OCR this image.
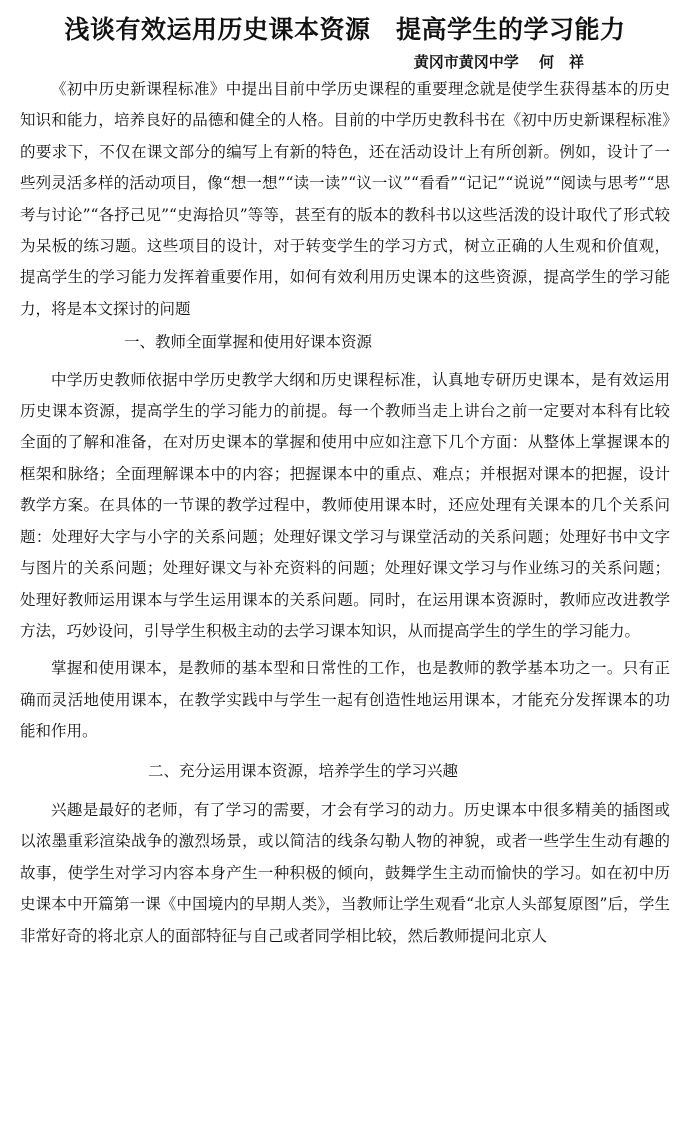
浅谈有效运用历史课本资源　提高学生的学习能力

黄冈市黄冈中学　 何　祥

《初中历史新课程标准》中提出目前中学历史课程的重要理念就是使学生获得基本的历史知识和能力，培养良好的品德和健全的人格。目前的中学历史教科书在《初中历史新课程标准》的要求下，不仅在课文部分的编写上有新的特色，还在活动设计上有所创新。例如，设计了一些列灵活多样的活动项目，像“想一想”“读一读”“议一议”“看看”“记记”“说说”“阅读与思考”“思考与讨论”“各抒己见”“史海拾贝”等等，甚至有的版本的教科书以这些活泼的设计取代了形式较为呆板的练习题。这些项目的设计，对于转变学生的学习方式，树立正确的人生观和价值观，提高学生的学习能力发挥着重要作用，如何有效利用历史课本的这些资源，提高学生的学习能力，将是本文探讨的问题

一、教师全面掌握和使用好课本资源

中学历史教师依据中学历史教学大纲和历史课程标准，认真地专研历史课本，是有效运用历史课本资源，提高学生的学习能力的前提。每一个教师当走上讲台之前一定要对本科有比较全面的了解和准备，在对历史课本的掌握和使用中应如注意下几个方面：从整体上掌握课本的框架和脉络；全面理解课本中的内容；把握课本中的重点、难点；并根据对课本的把握，设计教学方案。在具体的一节课的教学过程中，教师使用课本时，还应处理有关课本的几个关系问题：处理好大字与小字的关系问题；处理好课文学习与课堂活动的关系问题；处理好书中文字与图片的关系问题；处理好课文与补充资料的问题；处理好课文学习与作业练习的关系问题；处理好教师运用课本与学生运用课本的关系问题。同时，在运用课本资源时，教师应改进教学方法，巧妙设问，引导学生积极主动的去学习课本知识，从而提高学生的学生的学习能力。

掌握和使用课本，是教师的基本型和日常性的工作，也是教师的教学基本功之一。只有正确而灵活地使用课本，在教学实践中与学生一起有创造性地运用课本，才能充分发挥课本的功能和作用。

二、充分运用课本资源，培养学生的学习兴趣

兴趣是最好的老师，有了学习的需要，才会有学习的动力。历史课本中很多精美的插图或以浓墨重彩渲染战争的激烈场景，或以简洁的线条勾勒人物的神貌，或者一些学生生动有趣的故事，使学生对学习内容本身产生一种积极的倾向，鼓舞学生主动而愉快的学习。如在初中历史课本中开篇第一课《中国境内的早期人类》，当教师让学生观看“北京人头部复原图”后，学生非常好奇的将北京人的面部特征与自己或者同学相比较，然后教师提问北京人
